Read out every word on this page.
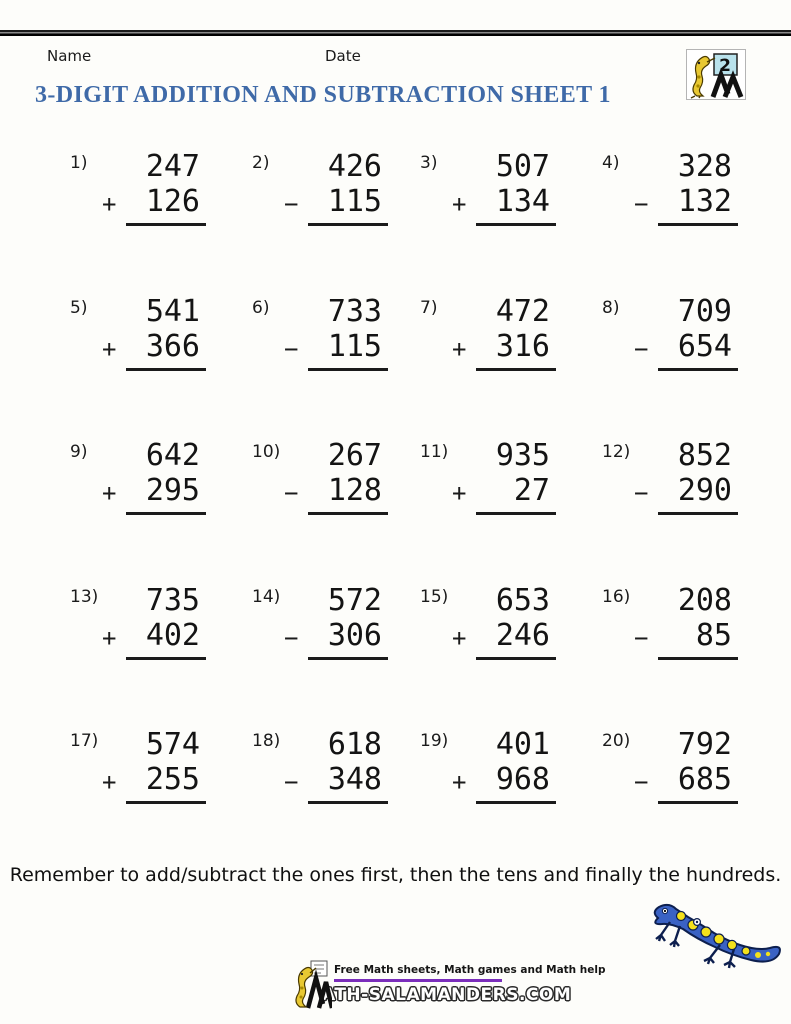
Name	Date	2
3-DIGIT ADDITION AND SUBTRACTION SHEET 1
1)	247
+ 126
2)	426
− 115
3)	507
+ 134
4)	328
− 132
5)	541
+ 366
6)	733
− 115
7)	472
+ 316
8)	709
− 654
9)	642
+ 295
10)	267
− 128
11)	935
+	27
12)	852
− 290
13)	735
+ 402
14)	572
− 306
15)	653
+ 246
16)	208
−	85
17)	574
+ 255
18)	618
− 348
19)	401
+ 968
20)	792
− 685

Remember to add/subtract the ones first, then the tens and finally the hundreds.

Free Math sheets, Math games and Math help
ATH-SALAMANDERS.COM
